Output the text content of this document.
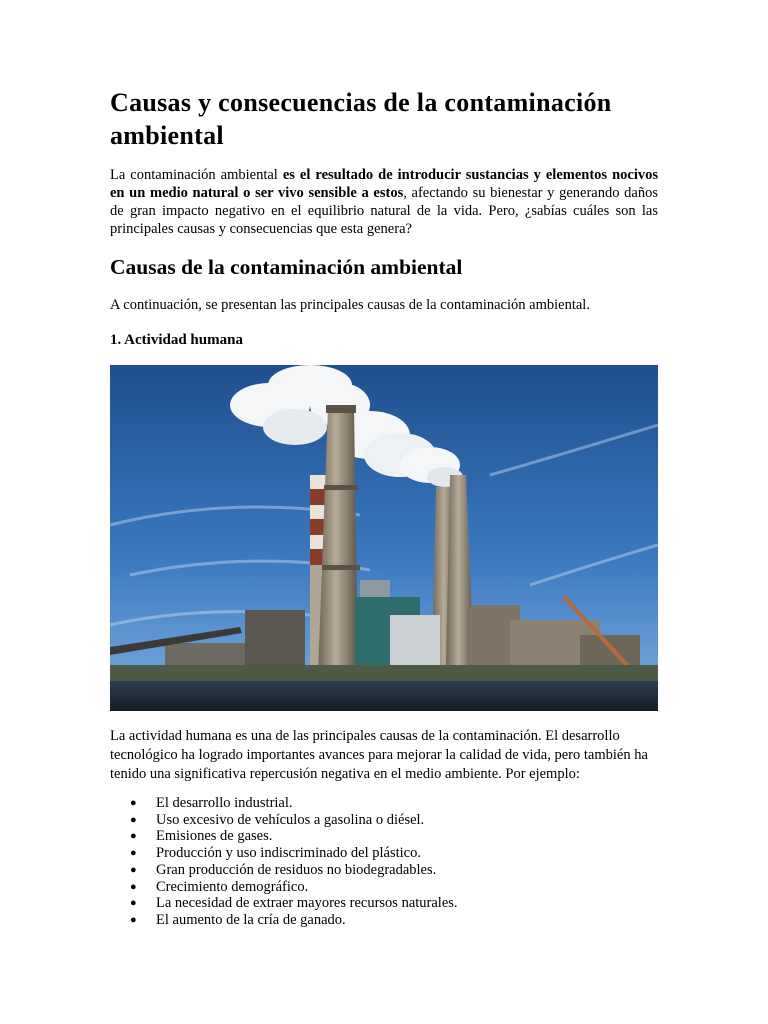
Causas y consecuencias de la contaminación ambiental

La contaminación ambiental es el resultado de introducir sustancias y elementos nocivos en un medio natural o ser vivo sensible a estos, afectando su bienestar y generando daños de gran impacto negativo en el equilibrio natural de la vida. Pero, ¿sabías cuáles son las principales causas y consecuencias que esta genera?

Causas de la contaminación ambiental

A continuación, se presentan las principales causas de la contaminación ambiental.

1. Actividad humana

La actividad humana es una de las principales causas de la contaminación. El desarrollo tecnológico ha logrado importantes avances para mejorar la calidad de vida, pero también ha tenido una significativa repercusión negativa en el medio ambiente. Por ejemplo:

● El desarrollo industrial.
● Uso excesivo de vehículos a gasolina o diésel.
● Emisiones de gases.
● Producción y uso indiscriminado del plástico.
● Gran producción de residuos no biodegradables.
● Crecimiento demográfico.
● La necesidad de extraer mayores recursos naturales.
● El aumento de la cría de ganado.
